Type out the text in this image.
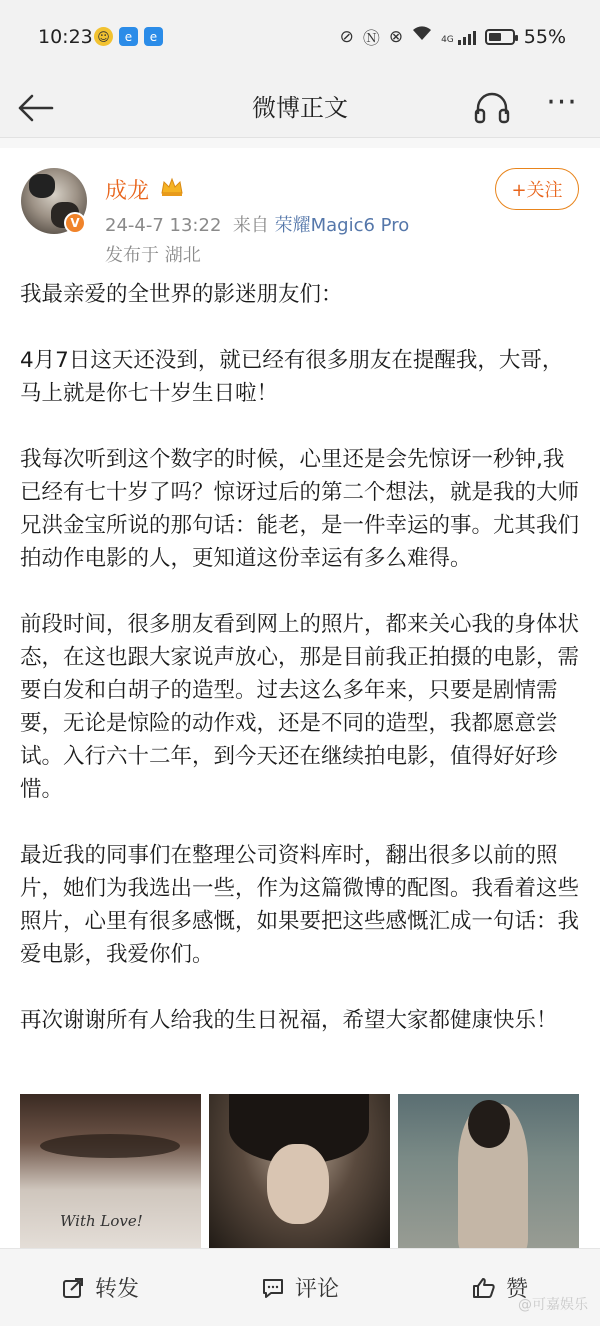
10:23 ☺	e	e	⊘ Ⓝ ⊗	4G	55%
微博正文	···
V
成龙
24-4-7 13:22 来自 荣耀Magic6 Pro
发布于 湖北
+关注

我最亲爱的全世界的影迷朋友们：

4月7日这天还没到，就已经有很多朋友在提醒我，大哥，马上就是你七十岁生日啦！

我每次听到这个数字的时候，心里还是会先惊讶一秒钟,我已经有七十岁了吗？惊讶过后的第二个想法，就是我的大师兄洪金宝所说的那句话：能老，是一件幸运的事。尤其我们拍动作电影的人，更知道这份幸运有多么难得。

前段时间，很多朋友看到网上的照片，都来关心我的身体状态，在这也跟大家说声放心，那是目前我正拍摄的电影，需要白发和白胡子的造型。过去这么多年来，只要是剧情需要，无论是惊险的动作戏，还是不同的造型，我都愿意尝试。入行六十二年，到今天还在继续拍电影，值得好好珍惜。

最近我的同事们在整理公司资料库时，翻出很多以前的照片，她们为我选出一些，作为这篇微博的配图。我看着这些照片，心里有很多感慨，如果要把这些感慨汇成一句话：我爱电影，我爱你们。

再次谢谢所有人给我的生日祝福，希望大家都健康快乐！

With Love!
转发	评论	赞
@可嘉娱乐
